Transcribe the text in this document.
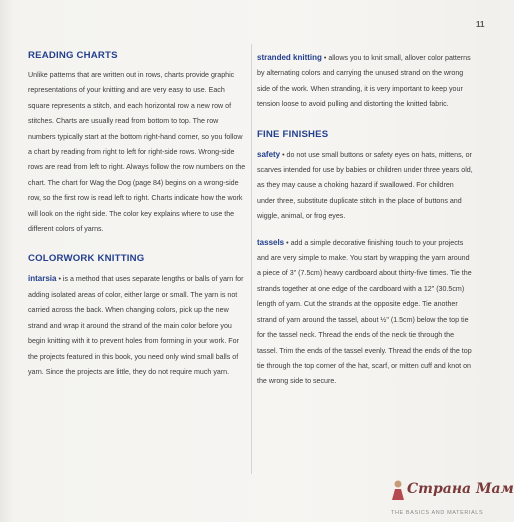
11
READING CHARTS

Unlike patterns that are written out in rows, charts provide graphic representations of your knitting and are very easy to use. Each square represents a stitch, and each horizontal row a new row of stitches. Charts are usually read from bottom to top. The row numbers typically start at the bottom right-hand corner, so you follow a chart by reading from right to left for right-side rows. Wrong-side rows are read from left to right. Always follow the row numbers on the chart. The chart for Wag the Dog (page 84) begins on a wrong-side row, so the first row is read left to right. Charts indicate how the work will look on the right side. The color key explains where to use the different colors of yarns.

COLORWORK KNITTING

intarsia • is a method that uses separate lengths or balls of yarn for adding isolated areas of color, either large or small. The yarn is not carried across the back. When changing colors, pick up the new strand and wrap it around the strand of the main color before you begin knitting with it to prevent holes from forming in your work. For the projects featured in this book, you need only wind small balls of yarn. Since the projects are little, they do not require much yarn.

stranded knitting • allows you to knit small, allover color patterns by alternating colors and carrying the unused strand on the wrong side of the work. When stranding, it is very important to keep your tension loose to avoid pulling and distorting the knitted fabric.

FINE FINISHES

safety • do not use small buttons or safety eyes on hats, mittens, or scarves intended for use by babies or children under three years old, as they may cause a choking hazard if swallowed. For children under three, substitute duplicate stitch in the place of buttons and wiggle, animal, or frog eyes.

tassels • add a simple decorative finishing touch to your projects and are very simple to make. You start by wrapping the yarn around a piece of 3" (7.5cm) heavy cardboard about thirty-five times. Tie the strands together at one edge of the cardboard with a 12" (30.5cm) length of yarn. Cut the strands at the opposite edge. Tie another strand of yarn around the tassel, about ½" (1.5cm) below the top tie for the tassel neck. Thread the ends of the neck tie through the tassel. Trim the ends of the tassel evenly. Thread the ends of the top tie through the top corner of the hat, scarf, or mitten cuff and knot on the wrong side to secure.

Страна Мам
THE BASICS AND MATERIALS
